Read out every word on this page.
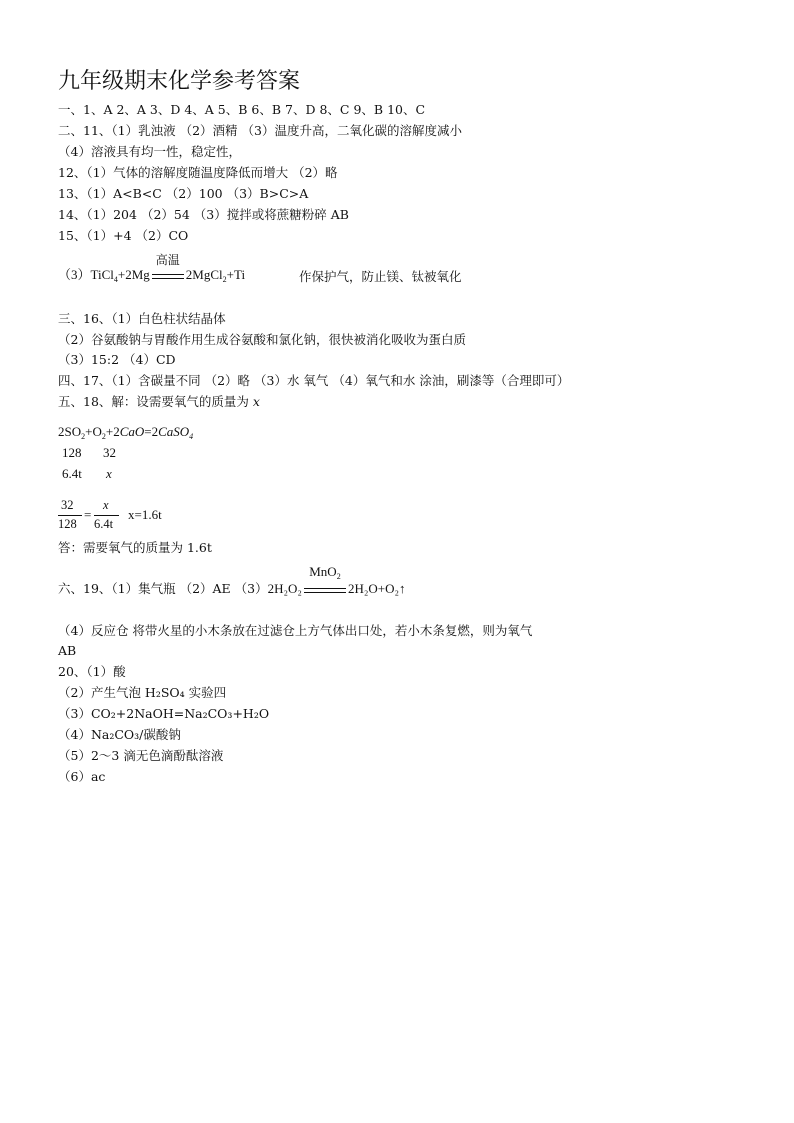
九年级期末化学参考答案
一、1、A 2、A 3、D 4、A 5、B 6、B 7、D 8、C 9、B 10、C
二、11、（1）乳浊液 （2）酒精 （3）温度升高，二氧化碳的溶解度减小
（4）溶液具有均一性，稳定性，
12、（1）气体的溶解度随温度降低而增大 （2）略
13、（1）A<B<C （2）100 （3）B>C>A
14、（1）204 （2）54 （3）搅拌或将蔗糖粉碎 AB
15、（1）+4 （2）CO
（3）TiCl$_4$+2Mg
高温
2MgCl$_2$+Ti	作保护气，防止镁、钛被氧化
三、16、（1）白色柱状结晶体
（2）谷氨酸钠与胃酸作用生成谷氨酸和氯化钠，很快被消化吸收为蛋白质
（3）15:2 （4）CD
四、17、（1）含碳量不同 （2）略 （3）水 氧气 （4）氧气和水 涂油，刷漆等（合理即可）
五、18、解：设需要氧气的质量为 x
$2SO_2+O_2+2CaO=2CaSO_4$
128 32
6.4t x
32
128
=
x
6.4t
x=1.6t
答：需要氧气的质量为 1.6t
六、19、（1）集气瓶 （2）AE （3）2H₂O₂
MnO$_2$
2H₂O+O₂↑
（4）反应仓 将带火星的小木条放在过滤仓上方气体出口处，若小木条复燃，则为氧气
AB
20、（1）酸
（2）产生气泡 H₂SO₄ 实验四
（3）CO₂+2NaOH=Na₂CO₃+H₂O
（4）Na₂CO₃/碳酸钠
（5）2～3 滴无色滴酚酞溶液
（6）ac
